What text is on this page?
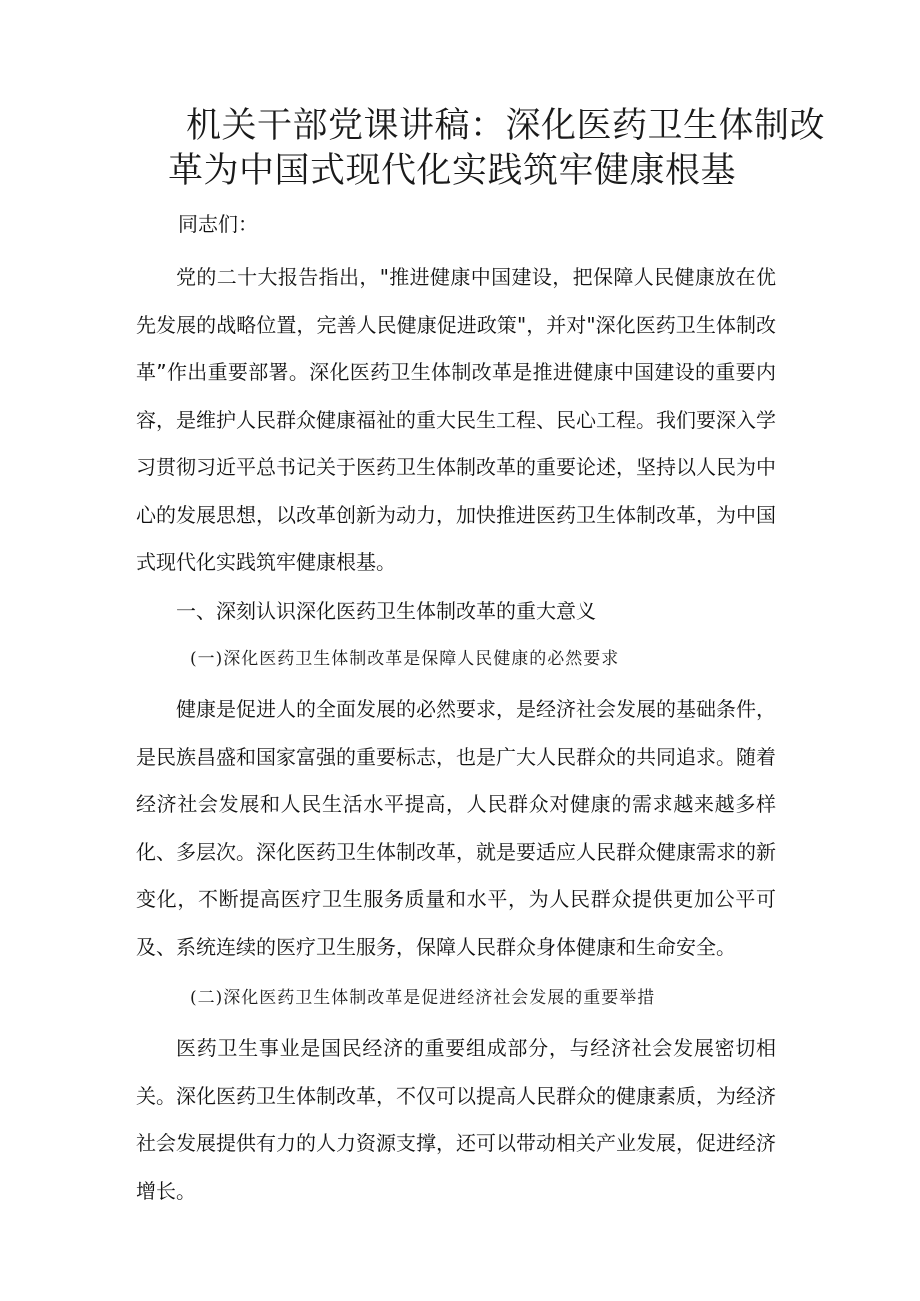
机关干部党课讲稿：深化医药卫生体制改
革为中国式现代化实践筑牢健康根基

同志们：

党的二十大报告指出，"推进健康中国建设，把保障人民健康放在优先发展的战略位置，完善人民健康促进政策"，并对"深化医药卫生体制改革”作出重要部署。深化医药卫生体制改革是推进健康中国建设的重要内容，是维护人民群众健康福祉的重大民生工程、民心工程。我们要深入学习贯彻习近平总书记关于医药卫生体制改革的重要论述，坚持以人民为中心的发展思想，以改革创新为动力，加快推进医药卫生体制改革，为中国式现代化实践筑牢健康根基。

一、深刻认识深化医药卫生体制改革的重大意义
(一)深化医药卫生体制改革是保障人民健康的必然要求

健康是促进人的全面发展的必然要求，是经济社会发展的基础条件，是民族昌盛和国家富强的重要标志，也是广大人民群众的共同追求。随着经济社会发展和人民生活水平提高，人民群众对健康的需求越来越多样化、多层次。深化医药卫生体制改革，就是要适应人民群众健康需求的新变化，不断提高医疗卫生服务质量和水平，为人民群众提供更加公平可及、系统连续的医疗卫生服务，保障人民群众身体健康和生命安全。

(二)深化医药卫生体制改革是促进经济社会发展的重要举措

医药卫生事业是国民经济的重要组成部分，与经济社会发展密切相关。深化医药卫生体制改革，不仅可以提高人民群众的健康素质，为经济社会发展提供有力的人力资源支撑，还可以带动相关产业发展，促进经济增长。
